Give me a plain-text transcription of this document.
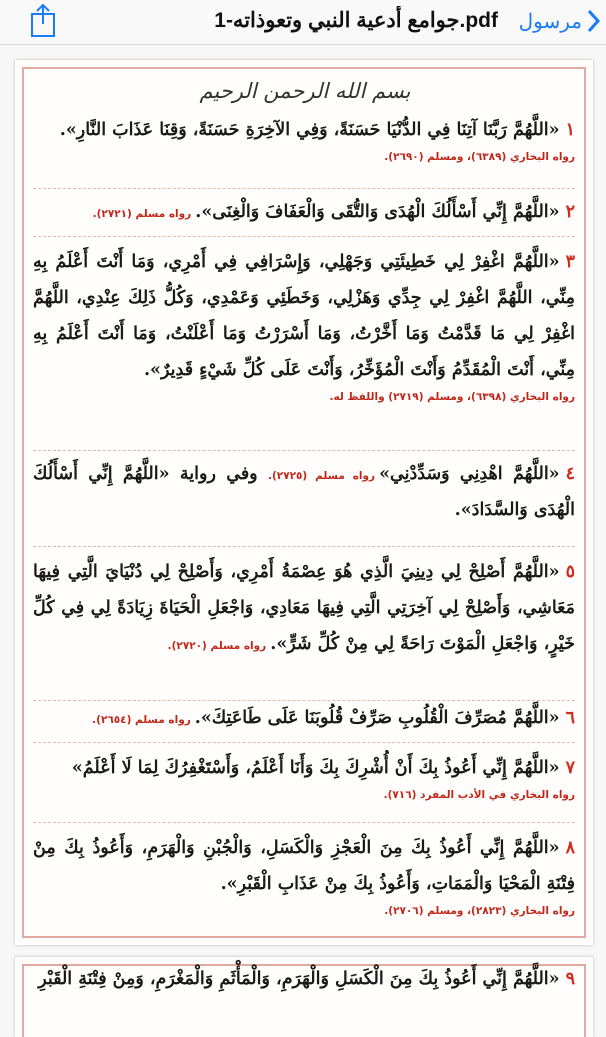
جوامع أدعية النبي وتعوذاته-1.pdf مرسول
بسم الله الرحمن الرحيم
١«اللَّهُمَّ رَبَّنَا آتِنَا فِي الدُّنْيَا حَسَنَةً، وَفِي الآخِرَةِ حَسَنَةً، وَقِنَا عَذَابَ النَّارِ».
رواه البخاري (٦٣٨٩)، ومسلم (٢٦٩٠).
٢«اللَّهُمَّ إِنِّي أَسْأَلُكَ الْهُدَى وَالتُّقَى وَالْعَفَافَ وَالْغِنَى».رواه مسلم (٢٧٢١).
٣«اللَّهُمَّ اغْفِرْ لِي خَطِيئَتِي وَجَهْلِي، وَإِسْرَافِي فِي أَمْرِي، وَمَا أَنْتَ أَعْلَمُ بِهِ مِنِّي، اللَّهُمَّ اغْفِرْ لِي جِدِّي وَهَزْلِي، وَخَطَئِي وَعَمْدِي، وَكُلُّ ذَلِكَ عِنْدِي، اللَّهُمَّ اغْفِرْ لِي مَا قَدَّمْتُ وَمَا أَخَّرْتُ، وَمَا أَسْرَرْتُ وَمَا أَعْلَنْتُ، وَمَا أَنْتَ أَعْلَمُ بِهِ مِنِّي، أَنْتَ الْمُقَدِّمُ وَأَنْتَ الْمُؤَخِّرُ، وَأَنْتَ عَلَى كُلِّ شَيْءٍ قَدِيرٌ».
رواه البخاري (٦٣٩٨)، ومسلم (٢٧١٩) واللفظ له.
٤«اللَّهُمَّ اهْدِنِي وَسَدِّدْنِي»رواه مسلم (٢٧٢٥). وفي رواية «اللَّهُمَّ إِنِّي أَسْأَلُكَ الْهُدَى وَالسَّدَادَ».
٥«اللَّهُمَّ أَصْلِحْ لِي دِينِيَ الَّذِي هُوَ عِصْمَةُ أَمْرِي، وَأَصْلِحْ لِي دُنْيَايَ الَّتِي فِيهَا مَعَاشِي، وَأَصْلِحْ لِي آخِرَتِي الَّتِي فِيهَا مَعَادِي، وَاجْعَلِ الْحَيَاةَ زِيَادَةً لِي فِي كُلِّ خَيْرٍ، وَاجْعَلِ الْمَوْتَ رَاحَةً لِي مِنْ كُلِّ شَرٍّ».رواه مسلم (٢٧٢٠).
٦«اللَّهُمَّ مُصَرِّفَ الْقُلُوبِ صَرِّفْ قُلُوبَنَا عَلَى طَاعَتِكَ».رواه مسلم (٢٦٥٤).
٧«اللَّهُمَّ إِنِّي أَعُوذُ بِكَ أَنْ أُشْرِكَ بِكَ وَأَنَا أَعْلَمُ، وَأَسْتَغْفِرُكَ لِمَا لَا أَعْلَمُ»
رواه البخاري في الأدب المفرد (٧١٦).
٨«اللَّهُمَّ إِنِّي أَعُوذُ بِكَ مِنَ الْعَجْزِ وَالْكَسَلِ، وَالْجُبْنِ وَالْهَرَمِ، وَأَعُوذُ بِكَ مِنْ فِتْنَةِ الْمَحْيَا وَالْمَمَاتِ، وَأَعُوذُ بِكَ مِنْ عَذَابِ الْقَبْرِ».
رواه البخاري (٢٨٢٣)، ومسلم (٢٧٠٦).
٩«اللَّهُمَّ إِنِّي أَعُوذُ بِكَ مِنَ الْكَسَلِ وَالْهَرَمِ، وَالْمَأْثَمِ وَالْمَغْرَمِ، وَمِنْ فِتْنَةِ الْقَبْرِ
